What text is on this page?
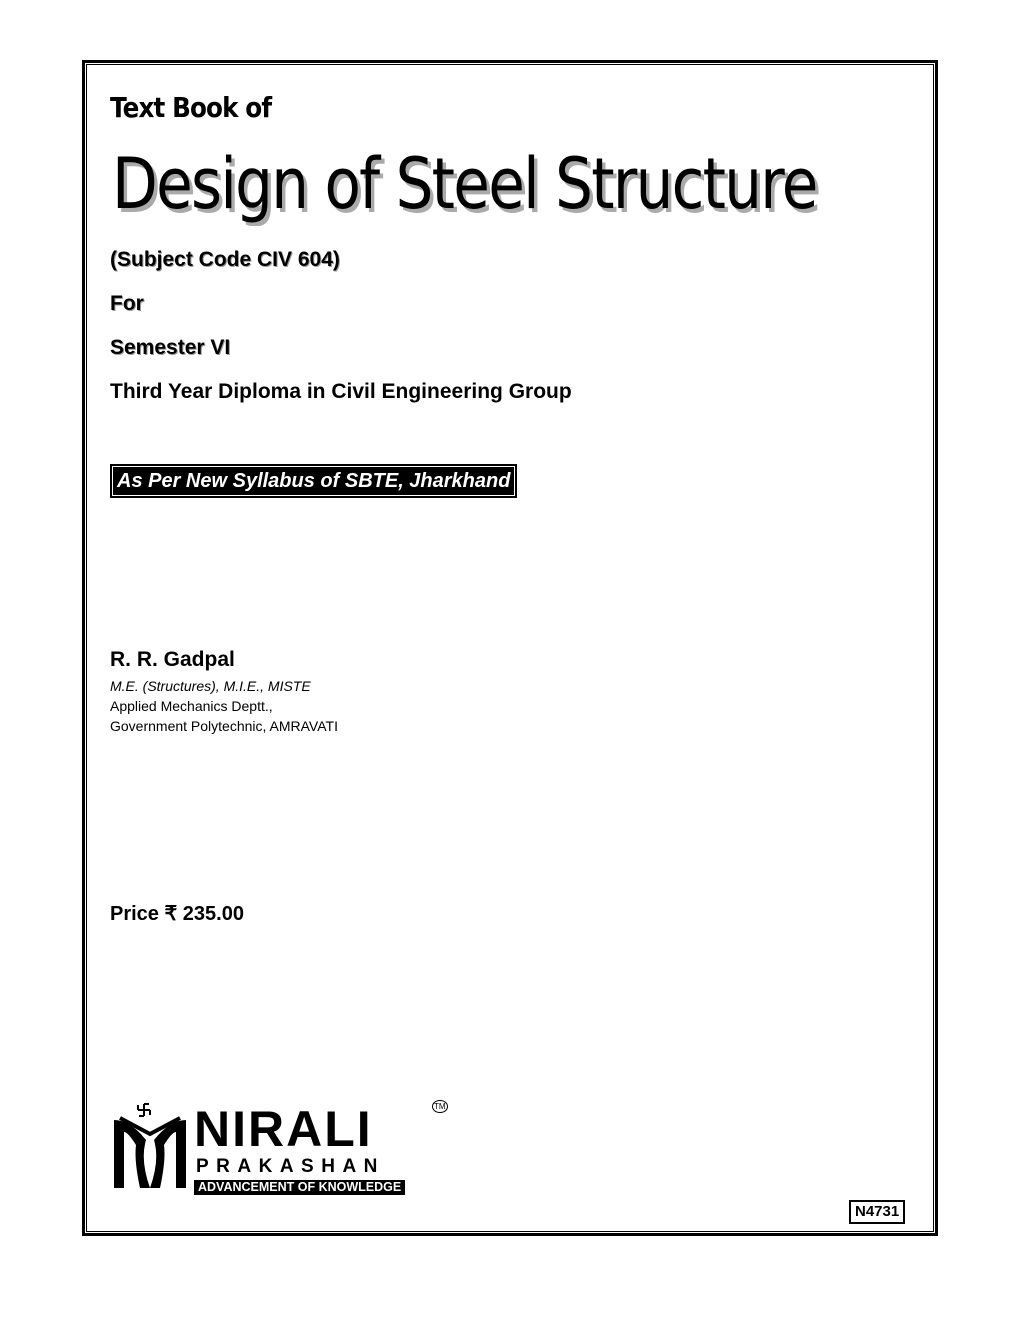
Text Book of
Design of Steel Structure
(Subject Code CIV 604)
For
Semester VI
Third Year Diploma in Civil Engineering Group
As Per New Syllabus of SBTE, Jharkhand
R. R. Gadpal
M.E. (Structures), M.I.E., MISTE
Applied Mechanics Deptt.,
Government Polytechnic, AMRAVATI
Price ₹ 235.00
NIRALI	TM
PRAKASHAN
ADVANCEMENT OF KNOWLEDGE
N4731
